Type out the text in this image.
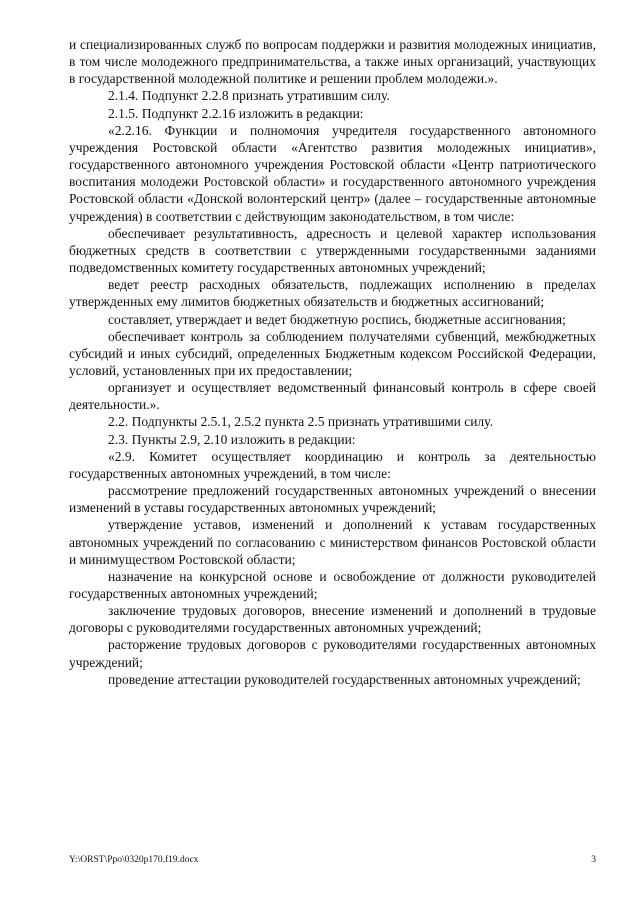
и специализированных служб по вопросам поддержки и развития молодежных инициатив, в том числе молодежного предпринимательства, а также иных организаций, участвующих в государственной молодежной политике и решении проблем молодежи.».

2.1.4. Подпункт 2.2.8 признать утратившим силу.

2.1.5. Подпункт 2.2.16 изложить в редакции:

«2.2.16. Функции и полномочия учредителя государственного автономного учреждения Ростовской области «Агентство развития молодежных инициатив», государственного автономного учреждения Ростовской области «Центр патриотического воспитания молодежи Ростовской области» и государственного автономного учреждения Ростовской области «Донской волонтерский центр» (далее – государственные автономные учреждения) в соответствии с действующим законодательством, в том числе:

обеспечивает результативность, адресность и целевой характер использования бюджетных средств в соответствии с утвержденными государственными заданиями подведомственных комитету государственных автономных учреждений;

ведет реестр расходных обязательств, подлежащих исполнению в пределах утвержденных ему лимитов бюджетных обязательств и бюджетных ассигнований;

составляет, утверждает и ведет бюджетную роспись, бюджетные ассигнования;

обеспечивает контроль за соблюдением получателями субвенций, межбюджетных субсидий и иных субсидий, определенных Бюджетным кодексом Российской Федерации, условий, установленных при их предоставлении;

организует и осуществляет ведомственный финансовый контроль в сфере своей деятельности.».

2.2. Подпункты 2.5.1, 2.5.2 пункта 2.5 признать утратившими силу.

2.3. Пункты 2.9, 2.10 изложить в редакции:

«2.9. Комитет осуществляет координацию и контроль за деятельностью государственных автономных учреждений, в том числе:

рассмотрение предложений государственных автономных учреждений о внесении изменений в уставы государственных автономных учреждений;

утверждение уставов, изменений и дополнений к уставам государственных автономных учреждений по согласованию с министерством финансов Ростовской области и минимуществом Ростовской области;

назначение на конкурсной основе и освобождение от должности руководителей государственных автономных учреждений;

заключение трудовых договоров, внесение изменений и дополнений в трудовые договоры с руководителями государственных автономных учреждений;

расторжение трудовых договоров с руководителями государственных автономных учреждений;

проведение аттестации руководителей государственных автономных учреждений;

Y:\ORST\Ppo\0320p170.f19.docx	3
